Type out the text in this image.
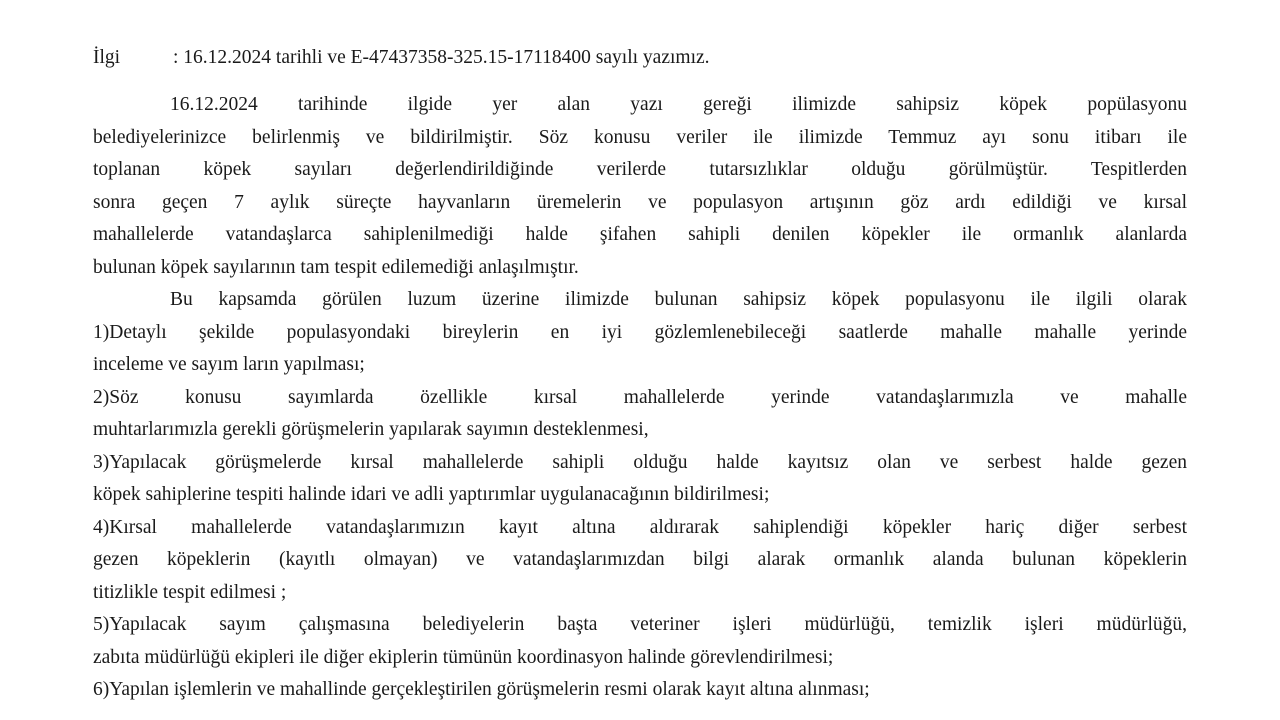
İlgi	: 16.12.2024 tarihli ve E-47437358-325.15-17118400 sayılı yazımız.
16.12.2024 tarihinde ilgide yer alan yazı gereği ilimizde sahipsiz köpek popülasyonu
belediyelerinizce belirlenmiş ve bildirilmiştir. Söz konusu veriler ile ilimizde Temmuz ayı sonu itibarı ile
toplanan köpek sayıları değerlendirildiğinde verilerde tutarsızlıklar olduğu görülmüştür. Tespitlerden
sonra geçen 7 aylık süreçte hayvanların üremelerin ve populasyon artışının göz ardı edildiği ve kırsal
mahallelerde vatandaşlarca sahiplenilmediği halde şifahen sahipli denilen köpekler ile ormanlık alanlarda
bulunan köpek sayılarının tam tespit edilemediği anlaşılmıştır.
Bu kapsamda görülen luzum üzerine ilimizde bulunan sahipsiz köpek populasyonu ile ilgili olarak
1)Detaylı şekilde populasyondaki bireylerin en iyi gözlemlenebileceği saatlerde mahalle mahalle yerinde
inceleme ve sayım ların yapılması;
2)Söz konusu sayımlarda özellikle kırsal mahallelerde yerinde vatandaşlarımızla ve mahalle
muhtarlarımızla gerekli görüşmelerin yapılarak sayımın desteklenmesi,
3)Yapılacak görüşmelerde kırsal mahallelerde sahipli olduğu halde kayıtsız olan ve serbest halde gezen
köpek sahiplerine tespiti halinde idari ve adli yaptırımlar uygulanacağının bildirilmesi;
4)Kırsal mahallelerde vatandaşlarımızın kayıt altına aldırarak sahiplendiği köpekler hariç diğer serbest
gezen köpeklerin (kayıtlı olmayan) ve vatandaşlarımızdan bilgi alarak ormanlık alanda bulunan köpeklerin
titizlikle tespit edilmesi ;
5)Yapılacak sayım çalışmasına belediyelerin başta veteriner işleri müdürlüğü, temizlik işleri müdürlüğü,
zabıta müdürlüğü ekipleri ile diğer ekiplerin tümünün koordinasyon halinde görevlendirilmesi;
6)Yapılan işlemlerin ve mahallinde gerçekleştirilen görüşmelerin resmi olarak kayıt altına alınması;
